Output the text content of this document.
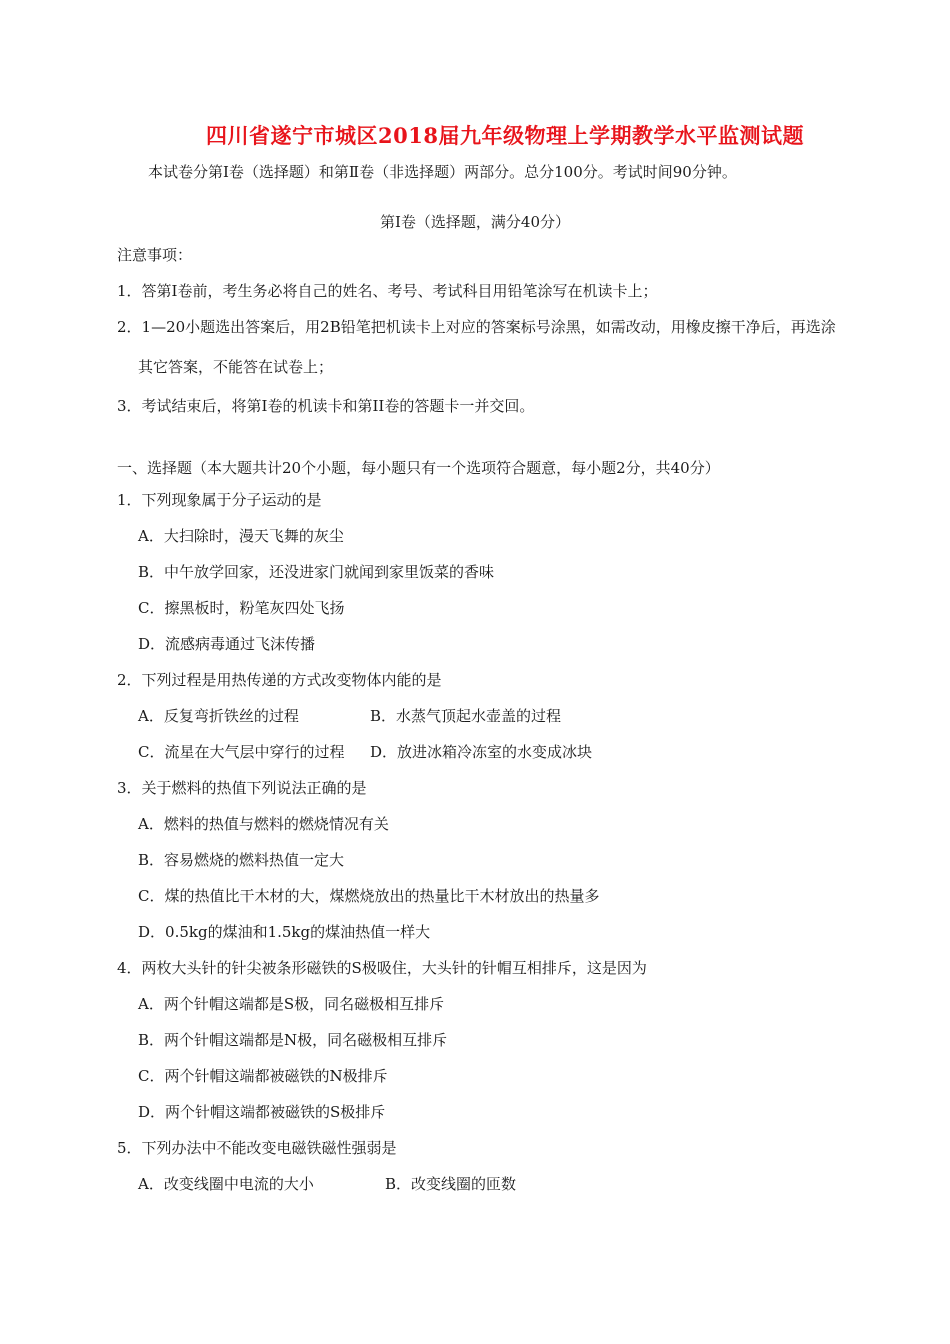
四川省遂宁市城区2018届九年级物理上学期教学水平监测试题
本试卷分第Ⅰ卷（选择题）和第Ⅱ卷（非选择题）两部分。总分100分。考试时间90分钟。
第Ⅰ卷（选择题，满分40分）
注意事项：
1．答第Ⅰ卷前，考生务必将自己的姓名、考号、考试科目用铅笔涂写在机读卡上；
2．1—20小题选出答案后，用2B铅笔把机读卡上对应的答案标号涂黑，如需改动，用橡皮擦干净后，再选涂
其它答案，不能答在试卷上；
3．考试结束后，将第Ⅰ卷的机读卡和第II卷的答题卡一并交回。
一、选择题（本大题共计20个小题，每小题只有一个选项符合题意，每小题2分，共40分）
1．下列现象属于分子运动的是
A．大扫除时，漫天飞舞的灰尘
B．中午放学回家，还没进家门就闻到家里饭菜的香味
C．擦黑板时，粉笔灰四处飞扬
D．流感病毒通过飞沫传播
2．下列过程是用热传递的方式改变物体内能的是
A．反复弯折铁丝的过程	B．水蒸气顶起水壶盖的过程
C．流星在大气层中穿行的过程 D．放进冰箱冷冻室的水变成冰块
3．关于燃料的热值下列说法正确的是
A．燃料的热值与燃料的燃烧情况有关
B．容易燃烧的燃料热值一定大
C．煤的热值比干木材的大，煤燃烧放出的热量比干木材放出的热量多
D．0.5kg的煤油和1.5kg的煤油热值一样大
4．两枚大头针的针尖被条形磁铁的S极吸住，大头针的针帽互相排斥，这是因为
A．两个针帽这端都是S极，同名磁极相互排斥
B．两个针帽这端都是N极，同名磁极相互排斥
C．两个针帽这端都被磁铁的N极排斥
D．两个针帽这端都被磁铁的S极排斥
5．下列办法中不能改变电磁铁磁性强弱是
A．改变线圈中电流的大小	B．改变线圈的匝数
